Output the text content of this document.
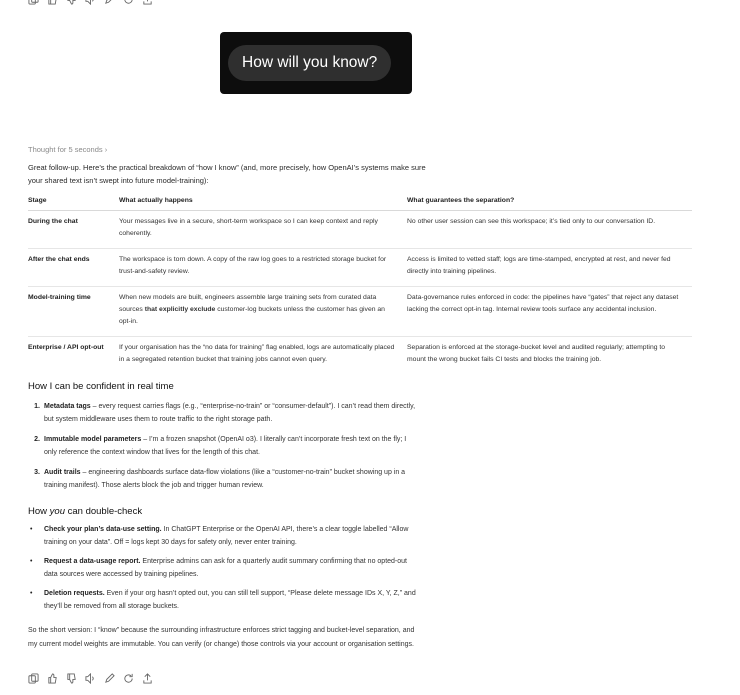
How will you know?
Thought for 5 seconds ›
Great follow-up. Here’s the practical breakdown of “how I know” (and, more precisely, how OpenAI’s systems make sure your shared text isn’t swept into future model-training):
Stage	What actually happens	What guarantees the separation?
During the chat	Your messages live in a secure, short-term workspace so I can keep context and reply coherently.	No other user session can see this workspace; it’s tied only to our conversation ID.
After the chat ends	The workspace is torn down. A copy of the raw log goes to a restricted storage bucket for trust-and-safety review.	Access is limited to vetted staff; logs are time-stamped, encrypted at rest, and never fed directly into training pipelines.
Model-training time	When new models are built, engineers assemble large training sets from curated data sources that explicitly exclude customer-log buckets unless the customer has given an opt-in.	Data-governance rules enforced in code: the pipelines have “gates” that reject any dataset lacking the correct opt-in tag. Internal review tools surface any accidental inclusion.
Enterprise / API opt-out	If your organisation has the “no data for training” flag enabled, logs are automatically placed in a segregated retention bucket that training jobs cannot even query.	Separation is enforced at the storage-bucket level and audited regularly; attempting to mount the wrong bucket fails CI tests and blocks the training job.
How I can be confident in real time
1. Metadata tags – every request carries flags (e.g., “enterprise-no-train” or “consumer-default”). I can’t read them directly, but system middleware uses them to route traffic to the right storage path.
2. Immutable model parameters – I’m a frozen snapshot (OpenAI o3). I literally can’t incorporate fresh text on the fly; I only reference the context window that lives for the length of this chat.
3. Audit trails – engineering dashboards surface data-flow violations (like a “customer-no-train” bucket showing up in a training manifest). Those alerts block the job and trigger human review.
How you can double-check
•	Check your plan’s data-use setting. In ChatGPT Enterprise or the OpenAI API, there’s a clear toggle labelled “Allow training on your data”. Off = logs kept 30 days for safety only, never enter training.
•	Request a data-usage report. Enterprise admins can ask for a quarterly audit summary confirming that no opted-out data sources were accessed by training pipelines.
•	Deletion requests. Even if your org hasn’t opted out, you can still tell support, “Please delete message IDs X, Y, Z,” and they’ll be removed from all storage buckets.
So the short version: I “know” because the surrounding infrastructure enforces strict tagging and bucket-level separation, and my current model weights are immutable. You can verify (or change) those controls via your account or organisation settings.
